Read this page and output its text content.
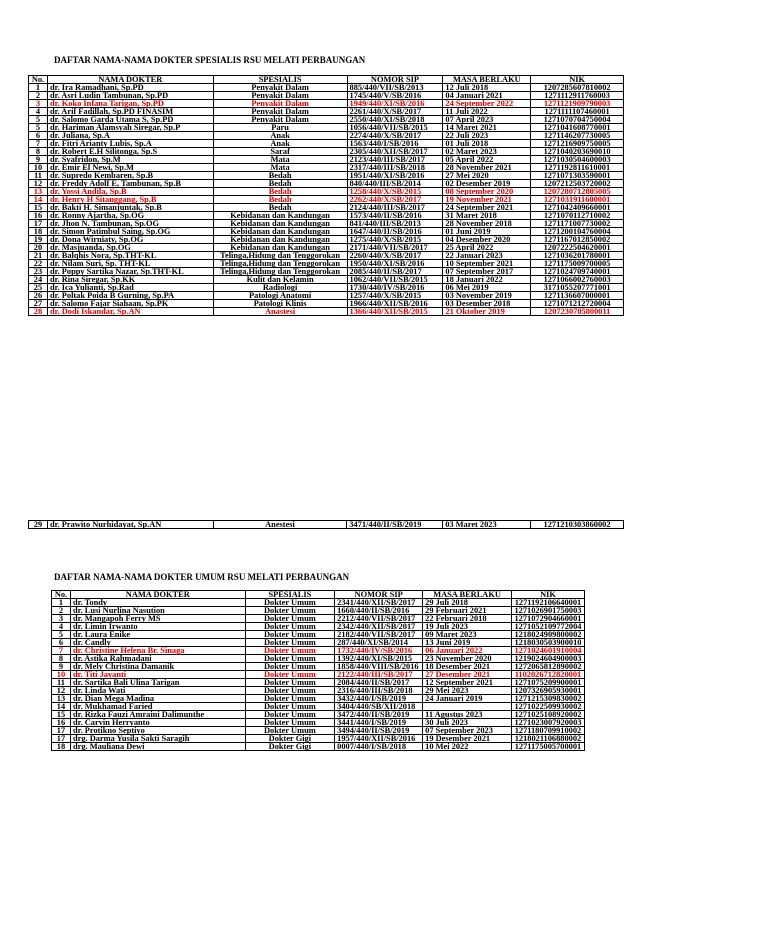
DAFTAR NAMA-NAMA DOKTER SPESIALIS RSU MELATI PERBAUNGAN
No.	NAMA DOKTER	SPESIALIS	NOMOR SIP	MASA BERLAKU	NIK
1	dr. Ira Ramadhani, Sp.PD	Penyakit Dalam	885/440/VII/SB/2013	12 Juli 2018	1207285607810002
2	dr. Asri Ludin Tambunan, Sp.PD	Penyakit Dalam	1745/440/V/SB/2016	04 Januari 2021	1271112911760003
3	dr. Koko Infana Tarigan, Sp.PD	Penyakit Dalam	1949/440/XI/SB/2016	24 September 2022	1271121909790003
4	dr. Arif Fadillah, Sp.PD FINASIM	Penyakit Dalam	2261/440/X/SB/2017	11 Juli 2022	1271111107460001
5	dr. Salomo Garda Utama S, Sp.PD	Penyakit Dalam	2550/440/XI/SB/2018	07 April 2023	1271070704750004
5	dr. Hariman Alamsyah Siregar, Sp.P	Paru	1056/440/VII/SB/2015	14 Maret 2021	1271041608770001
6	dr. Juliana, Sp.A	Anak	2274/440/X/SB/2017	22 Juli 2023	1271146207730005
7	dr. Fitri Arianty Lubis, Sp.A	Anak	1563/440/I/SB/2016	01 Juli 2018	1271216909750005
8	dr. Robert E.H Silitonga, Sp.S	Saraf	2305/440/XII/SB/2017	02 Maret 2023	1271040203690010
9	dr. Syafridon, Sp.M	Mata	2123/440/III/SB/2017	05 April 2022	1271030504600003
10	dr. Emir El Newi, Sp.M	Mata	2317/440/III/SB/2018	28 November 2021	1271192811610001
11	dr. Supredo Kembaren, Sp.B	Bedah	1951/440/XI/SB/2016	27 Mei 2020	1271071303590001
12	dr. Freddy Adolf E, Tambunan, Sp.B	Bedah	840/440/III/SB/2014	02 Desember 2019	1207212503720002
13	dr. Yossi Andila, Sp.B	Bedah	1258/440/X/SB/2015	08 September 2020	1207280712805005
14	dr. Henry H Sitanggang, Sp.B	Bedah	2262/440/X/SB/2017	19 November 2021	1271031911600001
15	dr. Bakti H. Simanjuntak, Sp.B	Bedah	2124/440/III/SB/2017	24 September 2021	1271042409660001
16	dr. Ronny Ajartha, Sp.OG	Kebidanan dan Kandungan	1573/440/II/SB/2016	31 Maret 2018	1271070112710002
17	dr. Jhon N. Tambunan, Sp.OG	Kebidanan dan Kandungan	841/440/III/SB/2013	28 November 2018	1271171007730002
18	dr. Simon Patimbul Saing, Sp.OG	Kebidanan dan Kandungan	1647/440/II/SB/2016	01 Juni 2019	1271200104760004
19	dr. Dona Wirniaty, Sp.OG	Kebidanan dan Kandungan	1275/440/X/SB/2015	04 Desember 2020	1271167012850002
20	dr. Masjuanda, Sp.OG	Kebidanan dan Kandungan	2171/440/VII/SB/2017	25 April 2022	1207222504620001
21	dr. Balqhis Nora, Sp.THT-KL	Telinga,Hidung dan Tenggorokan	2260/440/X/SB/2017	22 Januari 2023	1271036201780001
22	dr. Nilam Suri, Sp. THT-KL	Telinga,Hidung dan Tenggorokan	1950/440/XI/SB/2016	10 September 2021	1271175009700005
23	dr. Poppy Sartika Nazar, Sp.THT-KL	Telinga,Hidung dan Tenggorokan	2085/440/II/SB/2017	07 September 2017	1271024709740001
24	dr. Rina Siregar, Sp.KK	Kulit dan Kelamin	1062/440/VII/SB/2015	18 Januari 2022	1271066002760003
25	dr. Ica Yulianti, Sp.Rad	Radiologi	1730/440/IV/SB/2016	06 Mei 2019	3171055207771001
26	dr. Poltak Poida B Gurning, Sp.PA	Patologi Anatomi	1257/440/X/SB/2015	03 November 2019	1271136607000001
27	dr. Salomo Fajar Siahaan, Sp.PK	Patologi Klinis	1966/440/XII/SB/2016	03 Desember 2018	1271071212720004
28	dr. Dodi Iskandar, Sp.AN	Anastesi	1366/440/XII/SB/2015	21 Oktober 2019	1207230705800011
29	dr. Prawito Nurhidayat, Sp.AN	Anestesi	3471/440/II/SB/2019	03 Maret 2023	1271210303860002
DAFTAR NAMA-NAMA DOKTER UMUM RSU MELATI PERBAUNGAN
No.	NAMA DOKTER	SPESIALIS	NOMOR SIP	MASA BERLAKU	NIK
1	dr. Tondy	Dokter Umum	2341/440/XII/SB/2017	29 Juli 2018	1271192106640001
2	dr. Lusi Nurlina Nasution	Dokter Umum	1660/440/II/SB/2016	29 Februari 2021	1271026901750003
3	dr. Mangapoh Ferry MS	Dokter Umum	2212/440/VII/SB/2017	22 Februari 2018	1271072904660001
4	dr. Limin Irwanto	Dokter Umum	2342/440/XII/SB/2017	19 Juli 2023	1271052109772004
5	dr. Laura Enike	Dokter Umum	2182/440/VII/SB/2017	09 Maret 2023	1218024909800002
6	dr. Candly	Dokter Umum	287/440/XI/SB/2014	13 Juni 2019	1218030503900010
7	dr. Christine Helena Br. Sinaga	Dokter Umum	1732/440/IV/SB/2016	06 Januari 2022	1271024601910004
8	dr. Astika Rahmadani	Dokter Umum	1392/440/XI/SB/2015	23 November 2020	1219024604900003
9	dr. Mely Christina Damanik	Dokter Umum	1858/440/VIII/SB/2016	18 Desember 2021	1272065812890002
10	dr. Titi Jayanti	Dokter Umum	2122/440/III/SB/2017	27 Desember 2021	1102026712820001
11	dr. Sartika Bali Ulina Tarigan	Dokter Umum	2084/440/II/SB/2017	12 September 2021	1271075209900001
12	dr. Linda Wati	Dokter Umum	2316/440/III/SB/2018	29 Mei 2023	1207326905930001
13	dr. Dian Mega Madina	Dokter Umum	3432/440/I/SB/2019	24 Januari 2019	1271215309830002
14	dr. Mukhamad Faried	Dokter Umum	3404/440/SB/XII/2018		1271022509930002
15	dr. Rizka Fauzi Amraini Dalimunthe	Dokter Umum	3472/440/II/SB/2019	11 Agustus 2023	1271025108920002
16	dr. Carvin Herryanto	Dokter Umum	3441/440/I/SB/2019	30 Juli 2023	1271023007920003
17	dr. Protikno Septiyo	Dokter Umum	3494/440/II/SB/2019	07 September 2023	1271180709910002
17	drg. Darma Yusila Sakti Saragih	Dokter Gigi	1957/440/XII/SB/2016	19 Desember 2021	1218021106880002
18	drg. Mauliana Dewi	Dokter Gigi	0007/440/I/SB/2018	10 Mei 2022	1271175005700001
